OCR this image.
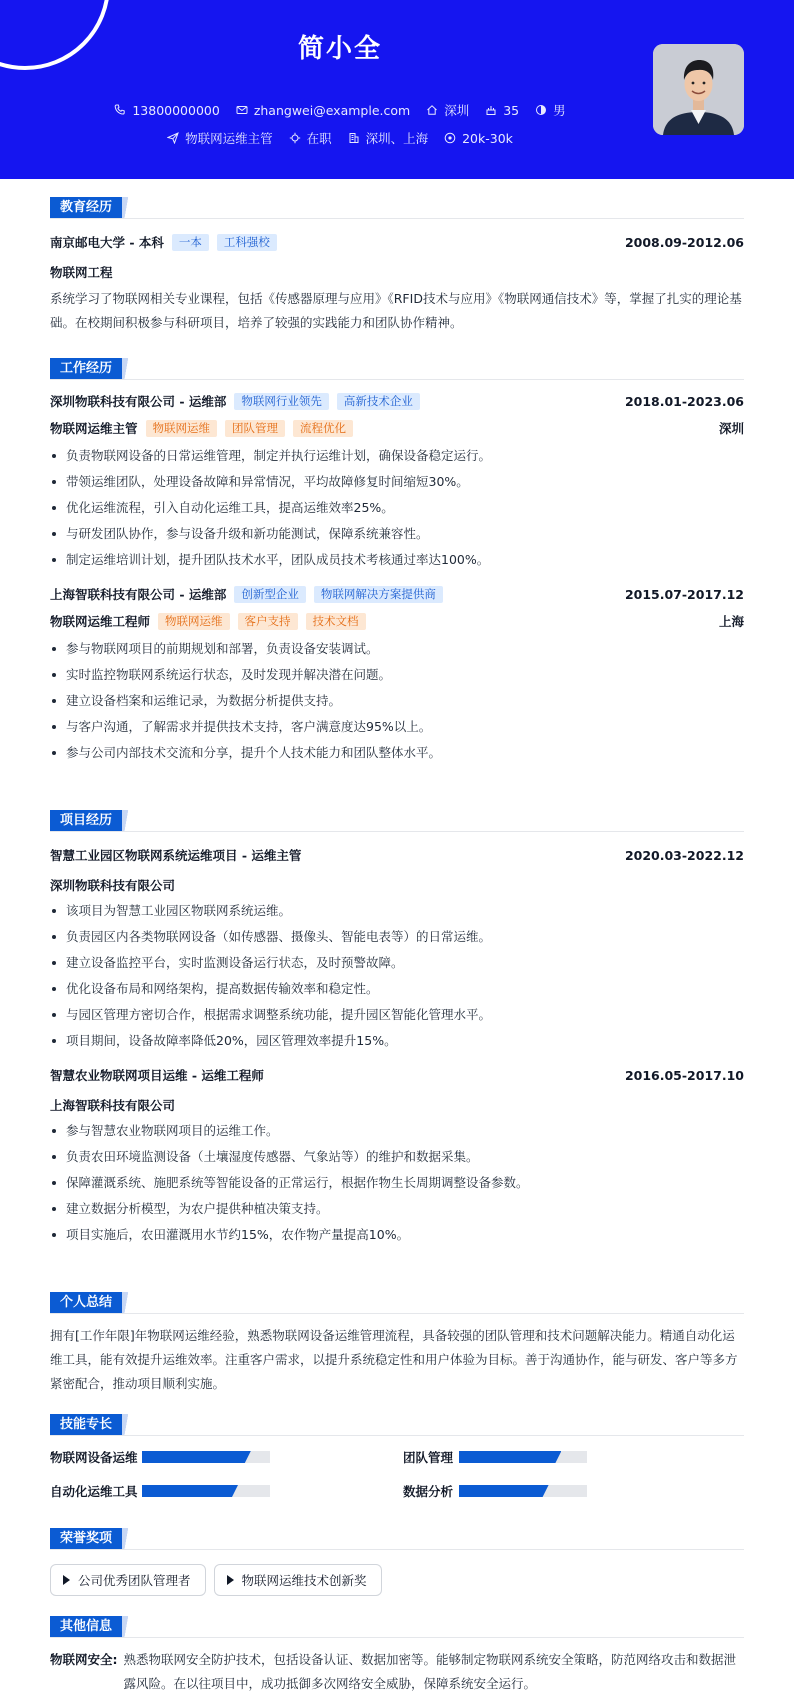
简小全
13800000000	zhangwei@example.com	深圳	35	男
物联网运维主管	在职	深圳、上海	20k-30k
教育经历
南京邮电大学 - 本科	一本	工科强校	2008.09-2012.06
物联网工程
系统学习了物联网相关专业课程，包括《传感器原理与应用》《RFID技术与应用》《物联网通信技术》等，掌握了扎实的理论基础。在校期间积极参与科研项目，培养了较强的实践能力和团队协作精神。
工作经历
深圳物联科技有限公司 - 运维部	物联网行业领先	高新技术企业	2018.01-2023.06
物联网运维主管	物联网运维	团队管理	流程优化	深圳
负责物联网设备的日常运维管理，制定并执行运维计划，确保设备稳定运行。
带领运维团队，处理设备故障和异常情况，平均故障修复时间缩短30%。
优化运维流程，引入自动化运维工具，提高运维效率25%。
与研发团队协作，参与设备升级和新功能测试，保障系统兼容性。
制定运维培训计划，提升团队技术水平，团队成员技术考核通过率达100%。
上海智联科技有限公司 - 运维部	创新型企业	物联网解决方案提供商	2015.07-2017.12
物联网运维工程师	物联网运维	客户支持	技术文档	上海
参与物联网项目的前期规划和部署，负责设备安装调试。
实时监控物联网系统运行状态，及时发现并解决潜在问题。
建立设备档案和运维记录，为数据分析提供支持。
与客户沟通，了解需求并提供技术支持，客户满意度达95%以上。
参与公司内部技术交流和分享，提升个人技术能力和团队整体水平。
项目经历
智慧工业园区物联网系统运维项目 - 运维主管	2020.03-2022.12
深圳物联科技有限公司
该项目为智慧工业园区物联网系统运维。
负责园区内各类物联网设备（如传感器、摄像头、智能电表等）的日常运维。
建立设备监控平台，实时监测设备运行状态，及时预警故障。
优化设备布局和网络架构，提高数据传输效率和稳定性。
与园区管理方密切合作，根据需求调整系统功能，提升园区智能化管理水平。
项目期间，设备故障率降低20%，园区管理效率提升15%。
智慧农业物联网项目运维 - 运维工程师	2016.05-2017.10
上海智联科技有限公司
参与智慧农业物联网项目的运维工作。
负责农田环境监测设备（土壤湿度传感器、气象站等）的维护和数据采集。
保障灌溉系统、施肥系统等智能设备的正常运行，根据作物生长周期调整设备参数。
建立数据分析模型，为农户提供种植决策支持。
项目实施后，农田灌溉用水节约15%，农作物产量提高10%。
个人总结
拥有[工作年限]年物联网运维经验，熟悉物联网设备运维管理流程，具备较强的团队管理和技术问题解决能力。精通自动化运维工具，能有效提升运维效率。注重客户需求，以提升系统稳定性和用户体验为目标。善于沟通协作，能与研发、客户等多方紧密配合，推动项目顺利实施。
技能专长
物联网设备运维	团队管理
自动化运维工具	数据分析
荣誉奖项
公司优秀团队管理者	物联网运维技术创新奖
其他信息
物联网安全: 熟悉物联网安全防护技术，包括设备认证、数据加密等。能够制定物联网系统安全策略，防范网络攻击和数据泄露风险。在以往项目中，成功抵御多次网络安全威胁，保障系统安全运行。
